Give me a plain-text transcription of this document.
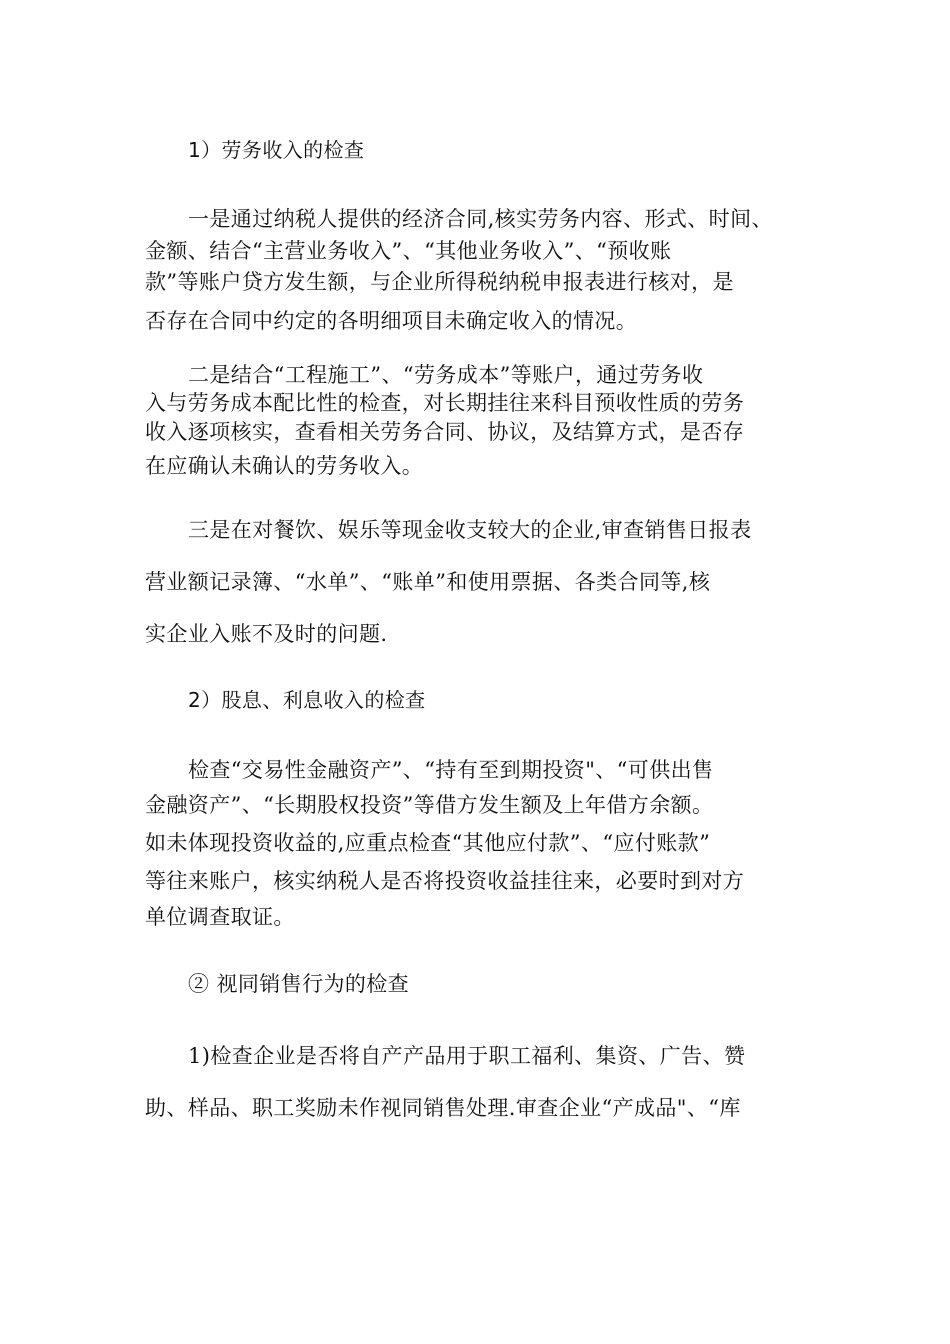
1）劳务收入的检查

一是通过纳税人提供的经济合同,核实劳务内容、形式、时间、

金额、结合“主营业务收入”、“其他业务收入”、“预收账

款”等账户贷方发生额，与企业所得税纳税申报表进行核对，是

否存在合同中约定的各明细项目未确定收入的情况。

二是结合“工程施工”、“劳务成本”等账户，通过劳务收

入与劳务成本配比性的检查，对长期挂往来科目预收性质的劳务

收入逐项核实，查看相关劳务合同、协议，及结算方式，是否存

在应确认未确认的劳务收入。

三是在对餐饮、娱乐等现金收支较大的企业,审查销售日报表

营业额记录簿、“水单”、“账单”和使用票据、各类合同等,核

实企业入账不及时的问题.

2）股息、利息收入的检查

检查“交易性金融资产”、“持有至到期投资"、“可供出售

金融资产”、“长期股权投资”等借方发生额及上年借方余额。

如未体现投资收益的,应重点检查“其他应付款”、“应付账款”

等往来账户，核实纳税人是否将投资收益挂往来，必要时到对方

单位调查取证。

② 视同销售行为的检查

1)检查企业是否将自产产品用于职工福利、集资、广告、赞

助、样品、职工奖励未作视同销售处理.审查企业“产成品"、“库
